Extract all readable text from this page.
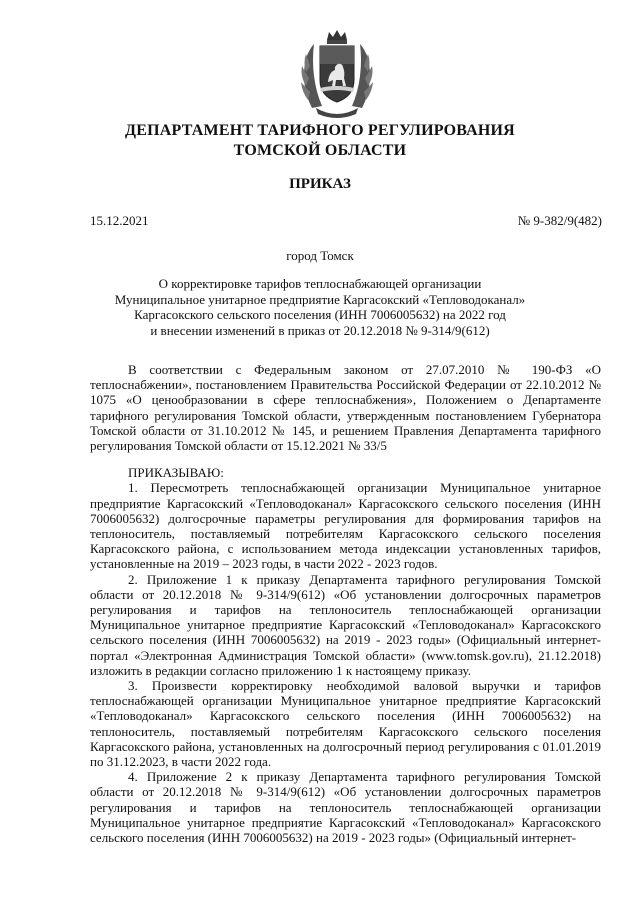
ДЕПАРТАМЕНТ ТАРИФНОГО РЕГУЛИРОВАНИЯ
ТОМСКОЙ ОБЛАСТИ
ПРИКАЗ
15.12.2021	№ 9-382/9(482)
город Томск
О корректировке тарифов теплоснабжающей организации
Муниципальное унитарное предприятие Каргасокский «Тепловодоканал»
Каргасокского сельского поселения (ИНН 7006005632) на 2022 год
и внесении изменений в приказ от 20.12.2018 № 9-314/9(612)

В соответствии с Федеральным законом от 27.07.2010 № 190-ФЗ «О теплоснабжении», постановлением Правительства Российской Федерации от 22.10.2012 № 1075 «О ценообразовании в сфере теплоснабжения», Положением о Департаменте тарифного регулирования Томской области, утвержденным постановлением Губернатора Томской области от 31.10.2012 № 145, и решением Правления Департамента тарифного регулирования Томской области от 15.12.2021 № 33/5

ПРИКАЗЫВАЮ:

1. Пересмотреть теплоснабжающей организации Муниципальное унитарное предприятие Каргасокский «Тепловодоканал» Каргасокского сельского поселения (ИНН 7006005632) долгосрочные параметры регулирования для формирования тарифов на теплоноситель, поставляемый потребителям Каргасокского сельского поселения Каргасокского района, с использованием метода индексации установленных тарифов, установленные на 2019 – 2023 годы, в части 2022 - 2023 годов.

2. Приложение 1 к приказу Департамента тарифного регулирования Томской области от 20.12.2018 № 9-314/9(612) «Об установлении долгосрочных параметров регулирования и тарифов на теплоноситель теплоснабжающей организации Муниципальное унитарное предприятие Каргасокский «Тепловодоканал» Каргасокского сельского поселения (ИНН 7006005632) на 2019 - 2023 годы» (Официальный интернет-портал «Электронная Администрация Томской области» (www.tomsk.gov.ru), 21.12.2018) изложить в редакции согласно приложению 1 к настоящему приказу.

3. Произвести корректировку необходимой валовой выручки и тарифов теплоснабжающей организации Муниципальное унитарное предприятие Каргасокский «Тепловодоканал» Каргасокского сельского поселения (ИНН 7006005632) на теплоноситель, поставляемый потребителям Каргасокского сельского поселения Каргасокского района, установленных на долгосрочный период регулирования с 01.01.2019 по 31.12.2023, в части 2022 года.

4. Приложение 2 к приказу Департамента тарифного регулирования Томской области от 20.12.2018 № 9-314/9(612) «Об установлении долгосрочных параметров регулирования и тарифов на теплоноситель теплоснабжающей организации Муниципальное унитарное предприятие Каргасокский «Тепловодоканал» Каргасокского сельского поселения (ИНН 7006005632) на 2019 - 2023 годы» (Официальный интернет-
